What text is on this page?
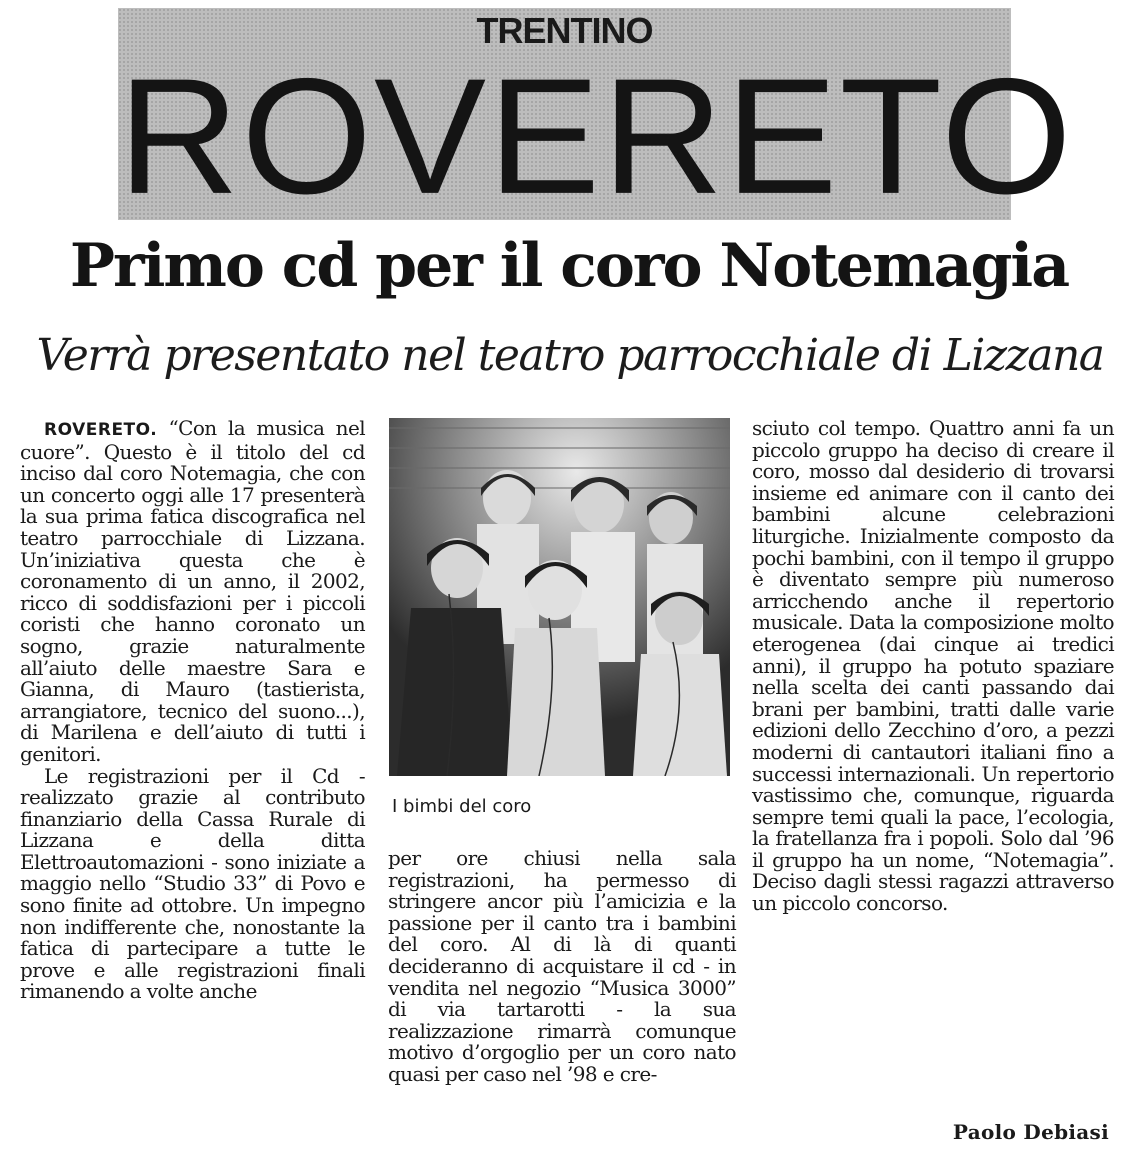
TRENTINO
ROVERETO
Primo cd per il coro Notemagia
Verrà presentato nel teatro parrocchiale di Lizzana

ROVERETO. “Con la musica nel cuore”. Questo è il titolo del cd inciso dal coro Notemagia, che con un concerto oggi alle 17 presenterà la sua prima fatica discografica nel teatro parrocchiale di Lizzana. Un’iniziativa questa che è coronamento di un anno, il 2002, ricco di soddisfazioni per i piccoli coristi che hanno coronato un sogno, grazie naturalmente all’aiuto delle maestre Sara e Gianna, di Mauro (tastierista, arrangiatore, tecnico del suono...), di Marilena e dell’aiuto di tutti i genitori.

Le registrazioni per il Cd - realizzato grazie al contributo finanziario della Cassa Rurale di Lizzana e della ditta Elettroautomazioni - sono iniziate a maggio nello “Studio 33” di Povo e sono finite ad ottobre. Un impegno non indifferente che, nonostante la fatica di partecipare a tutte le prove e alle registrazioni finali rimanendo a volte anche

I bimbi del coro

per ore chiusi nella sala registrazioni, ha permesso di stringere ancor più l’amicizia e la passione per il canto tra i bambini del coro. Al di là di quanti decideranno di acquistare il cd - in vendita nel negozio “Musica 3000” di via tartarotti - la sua realizzazione rimarrà comunque motivo d’orgoglio per un coro nato quasi per caso nel ’98 e cre-

sciuto col tempo. Quattro anni fa un piccolo gruppo ha deciso di creare il coro, mosso dal desiderio di trovarsi insieme ed animare con il canto dei bambini alcune celebrazioni liturgiche. Inizialmente composto da pochi bambini, con il tempo il gruppo è diventato sempre più numeroso arricchendo anche il repertorio musicale. Data la composizione molto eterogenea (dai cinque ai tredici anni), il gruppo ha potuto spaziare nella scelta dei canti passando dai brani per bambini, tratti dalle varie edizioni dello Zecchino d’oro, a pezzi moderni di cantautori italiani fino a successi internazionali. Un repertorio vastissimo che, comunque, riguarda sempre temi quali la pace, l’ecologia, la fratellanza fra i popoli. Solo dal ’96 il gruppo ha un nome, “Notemagia”. Deciso dagli stessi ragazzi attraverso un piccolo concorso.

Paolo Debiasi
